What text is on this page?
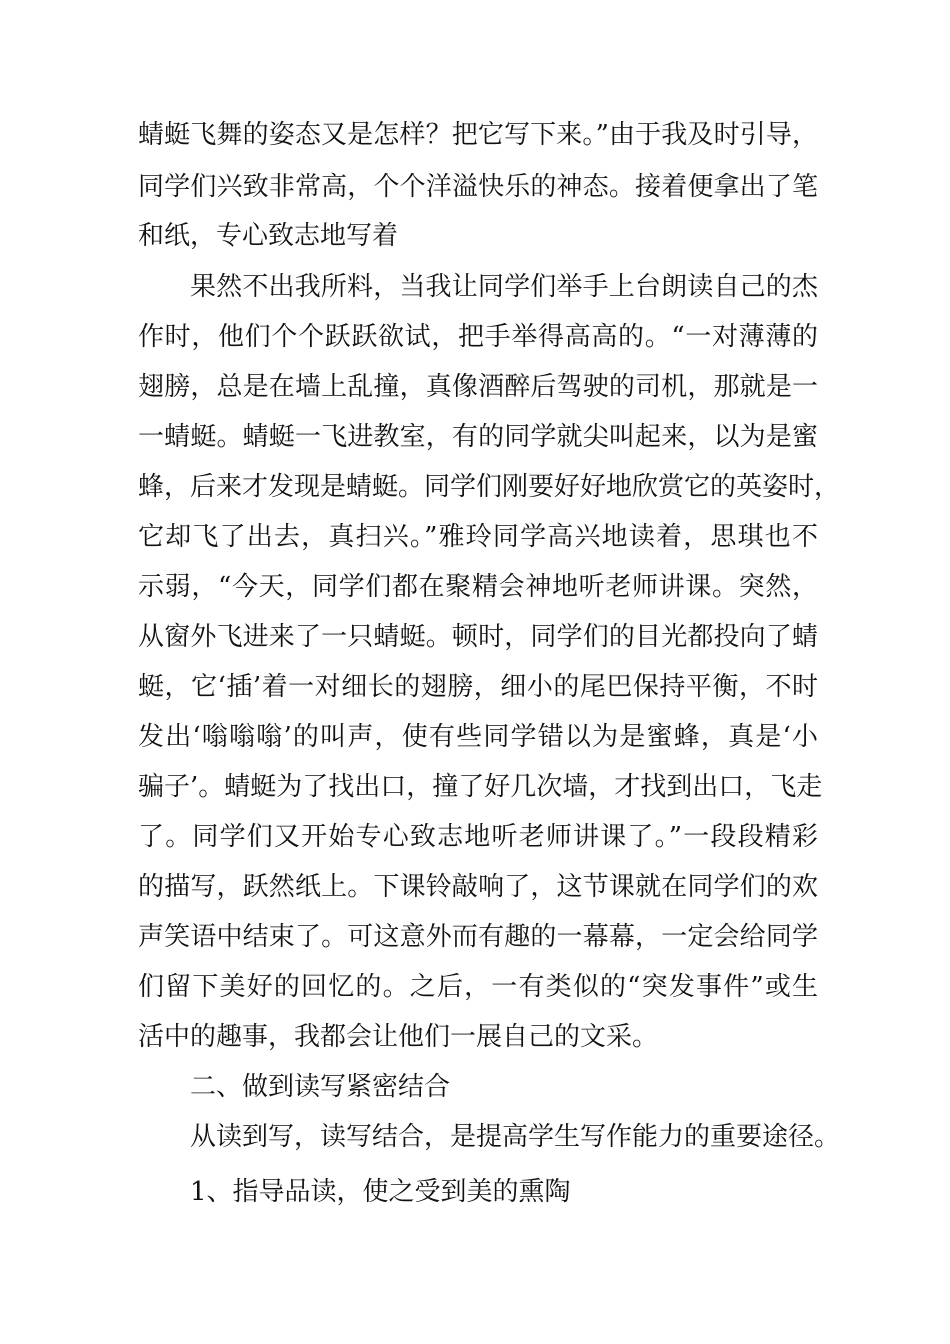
蜻蜓飞舞的姿态又是怎样？把它写下来。”由于我及时引导，
同学们兴致非常高，个个洋溢快乐的神态。接着便拿出了笔
和纸，专心致志地写着
果然不出我所料，当我让同学们举手上台朗读自己的杰
作时，他们个个跃跃欲试，把手举得高高的。“一对薄薄的
翅膀，总是在墙上乱撞，真像酒醉后驾驶的司机，那就是一
一蜻蜓。蜻蜓一飞进教室，有的同学就尖叫起来，以为是蜜
蜂，后来才发现是蜻蜓。同学们刚要好好地欣赏它的英姿时，
它却飞了出去，真扫兴。”雅玲同学高兴地读着，思琪也不
示弱，“今天，同学们都在聚精会神地听老师讲课。突然，
从窗外飞进来了一只蜻蜓。顿时，同学们的目光都投向了蜻
蜓，它‘插’着一对细长的翅膀，细小的尾巴保持平衡，不时
发出‘嗡嗡嗡’的叫声，使有些同学错以为是蜜蜂，真是‘小
骗子’。蜻蜓为了找出口，撞了好几次墙，才找到出口，飞走
了。同学们又开始专心致志地听老师讲课了。”一段段精彩
的描写，跃然纸上。下课铃敲响了，这节课就在同学们的欢
声笑语中结束了。可这意外而有趣的一幕幕，一定会给同学
们留下美好的回忆的。之后，一有类似的“突发事件”或生
活中的趣事，我都会让他们一展自己的文采。
二、做到读写紧密结合
从读到写，读写结合，是提高学生写作能力的重要途径。
1、指导品读，使之受到美的熏陶
